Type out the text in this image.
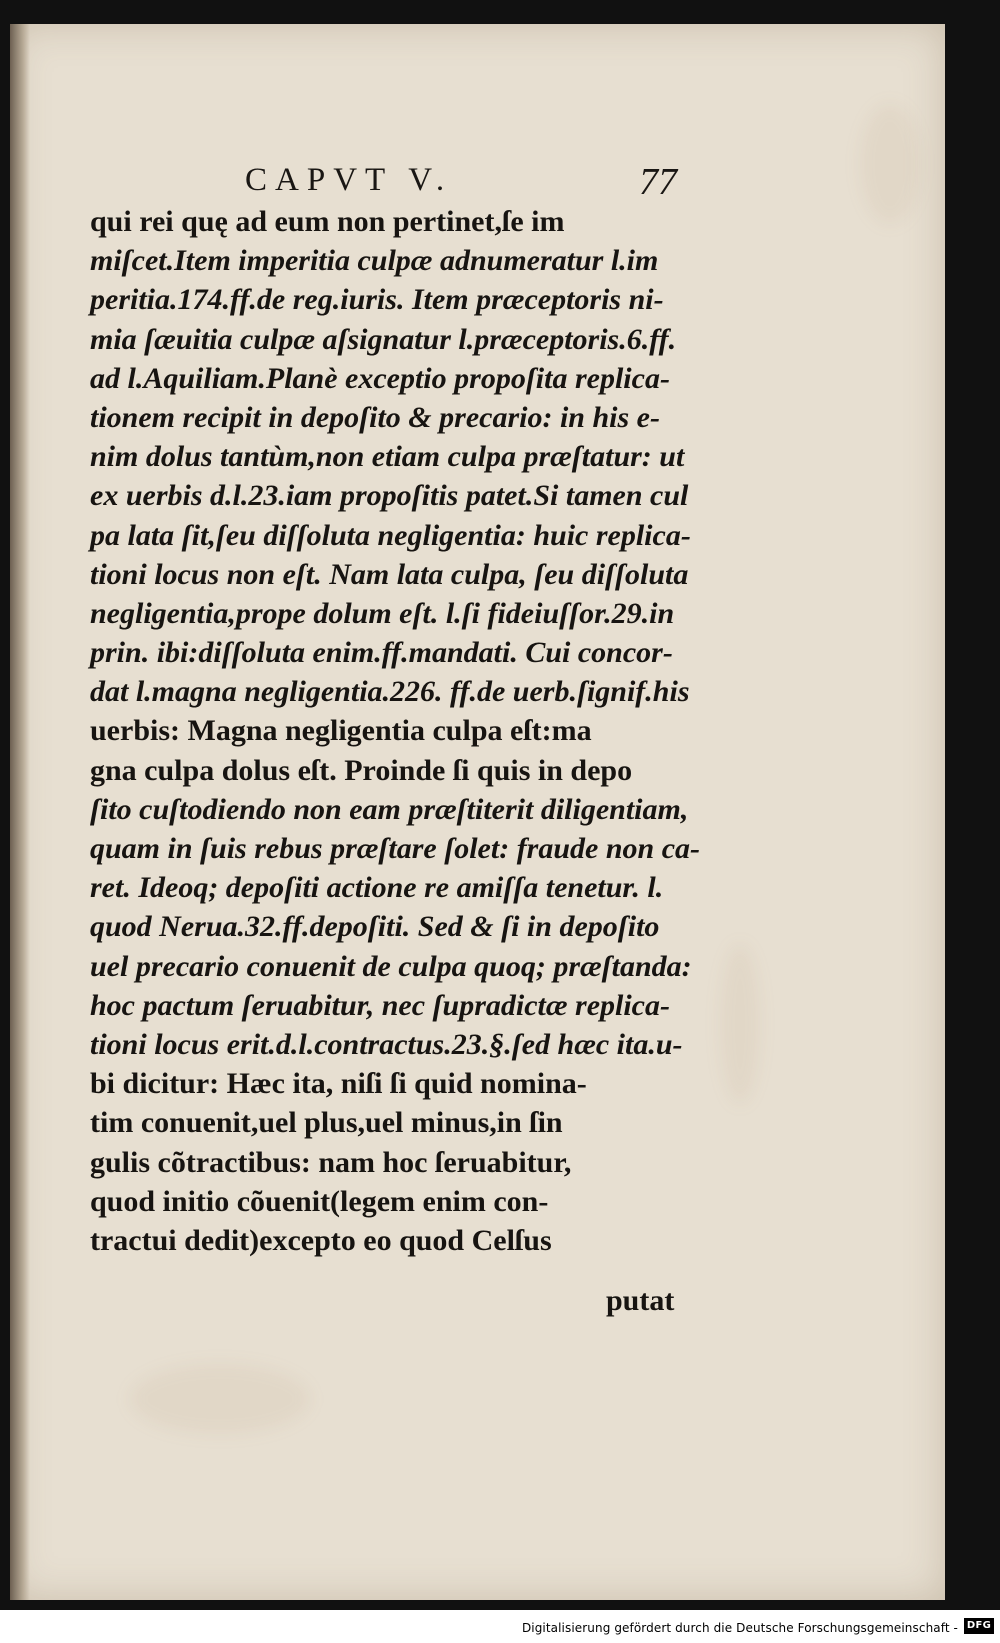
CAPVT V.	77
qui rei quę ad eum non pertinet,ſe im
miſcet.Item imperitia culpæ adnumeratur l.im
peritia.174.ff.de reg.iuris. Item præceptoris ni-
mia ſæuitia culpæ aſsignatur l.præceptoris.6.ff.
ad l.Aquiliam.Planè exceptio propoſita replica-
tionem recipit in depoſito & precario: in his e-
nim dolus tantùm,non etiam culpa præſtatur: ut
ex uerbis d.l.23.iam propoſitis patet.Si tamen cul
pa lata ſit,ſeu diſſoluta negligentia: huic replica-
tioni locus non eſt. Nam lata culpa, ſeu diſſoluta
negligentia,prope dolum eſt. l.ſi fideiuſſor.29.in
prin. ibi:diſſoluta enim.ff.mandati. Cui concor-
dat l.magna negligentia.226. ff.de uerb.ſignif.his
uerbis: Magna negligentia culpa eſt:ma
gna culpa dolus eſt. Proinde ſi quis in depo
ſito cuſtodiendo non eam præſtiterit diligentiam,
quam in ſuis rebus præſtare ſolet: fraude non ca-
ret. Ideoq; depoſiti actione re amiſſa tenetur. l.
quod Nerua.32.ff.depoſiti. Sed & ſi in depoſito
uel precario conuenit de culpa quoq; præſtanda:
hoc pactum ſeruabitur, nec ſupradictæ replica-
tioni locus erit.d.l.contractus.23.§.ſed hæc ita.u-
bi dicitur: Hæc ita, niſi ſi quid nomina-
tim conuenit,uel plus,uel minus,in ſin
gulis cõtractibus: nam hoc ſeruabitur,
quod initio cõuenit(legem enim con-
tractui dedit)excepto eo quod Celſus
putat
Digitalisierung gefördert durch die Deutsche Forschungsgemeinschaft - DFG
